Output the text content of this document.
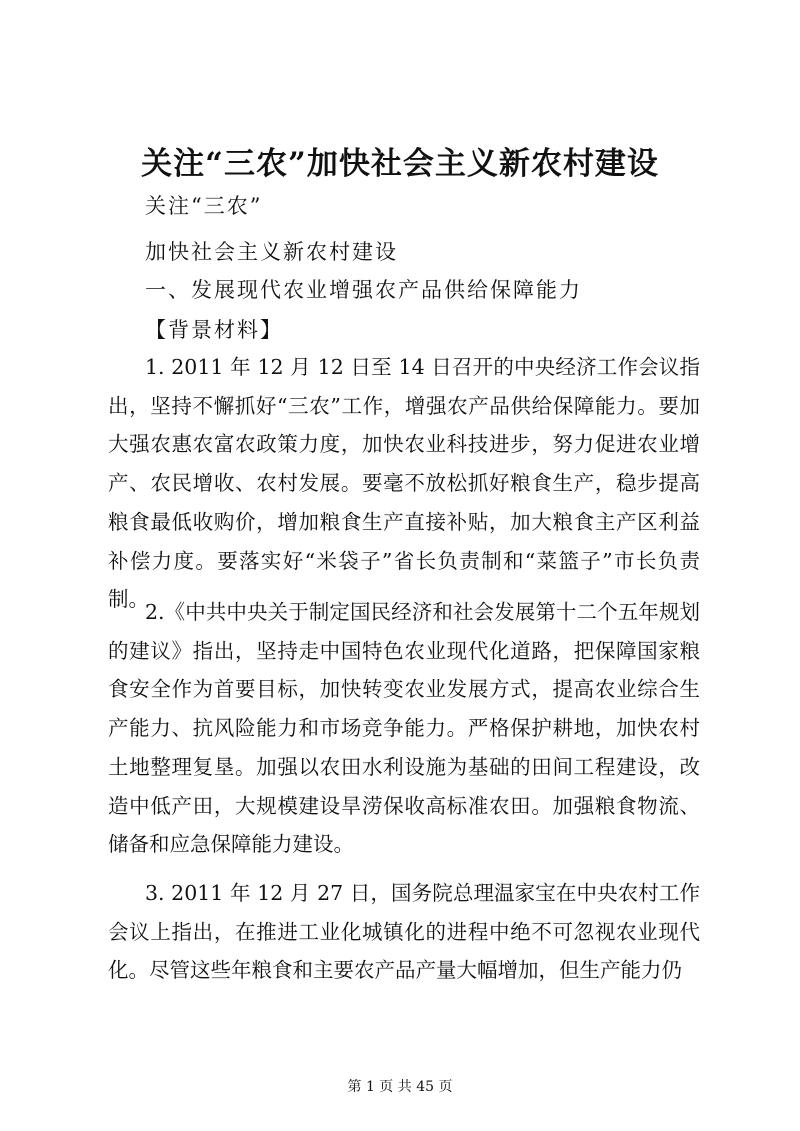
关注“三农”加快社会主义新农村建设
关注“三农”
加快社会主义新农村建设
一、发展现代农业增强农产品供给保障能力
【背景材料】
1. 2011 年 12 月 12 日至 14 日召开的中央经济工作会议指出，坚持不懈抓好“三农”工作，增强农产品供给保障能力。要加大强农惠农富农政策力度，加快农业科技进步，努力促进农业增产、农民增收、农村发展。要毫不放松抓好粮食生产，稳步提高粮食最低收购价，增加粮食生产直接补贴，加大粮食主产区利益补偿力度。要落实好“米袋子”省长负责制和“菜篮子”市长负责制。
2.《中共中央关于制定国民经济和社会发展第十二个五年规划的建议》指出，坚持走中国特色农业现代化道路，把保障国家粮食安全作为首要目标，加快转变农业发展方式，提高农业综合生产能力、抗风险能力和市场竞争能力。严格保护耕地，加快农村土地整理复垦。加强以农田水利设施为基础的田间工程建设，改造中低产田，大规模建设旱涝保收高标准农田。加强粮食物流、储备和应急保障能力建设。
3. 2011 年 12 月 27 日，国务院总理温家宝在中央农村工作会议上指出，在推进工业化城镇化的进程中绝不可忽视农业现代化。尽管这些年粮食和主要农产品产量大幅增加，但生产能力仍
第 1 页 共 45 页
